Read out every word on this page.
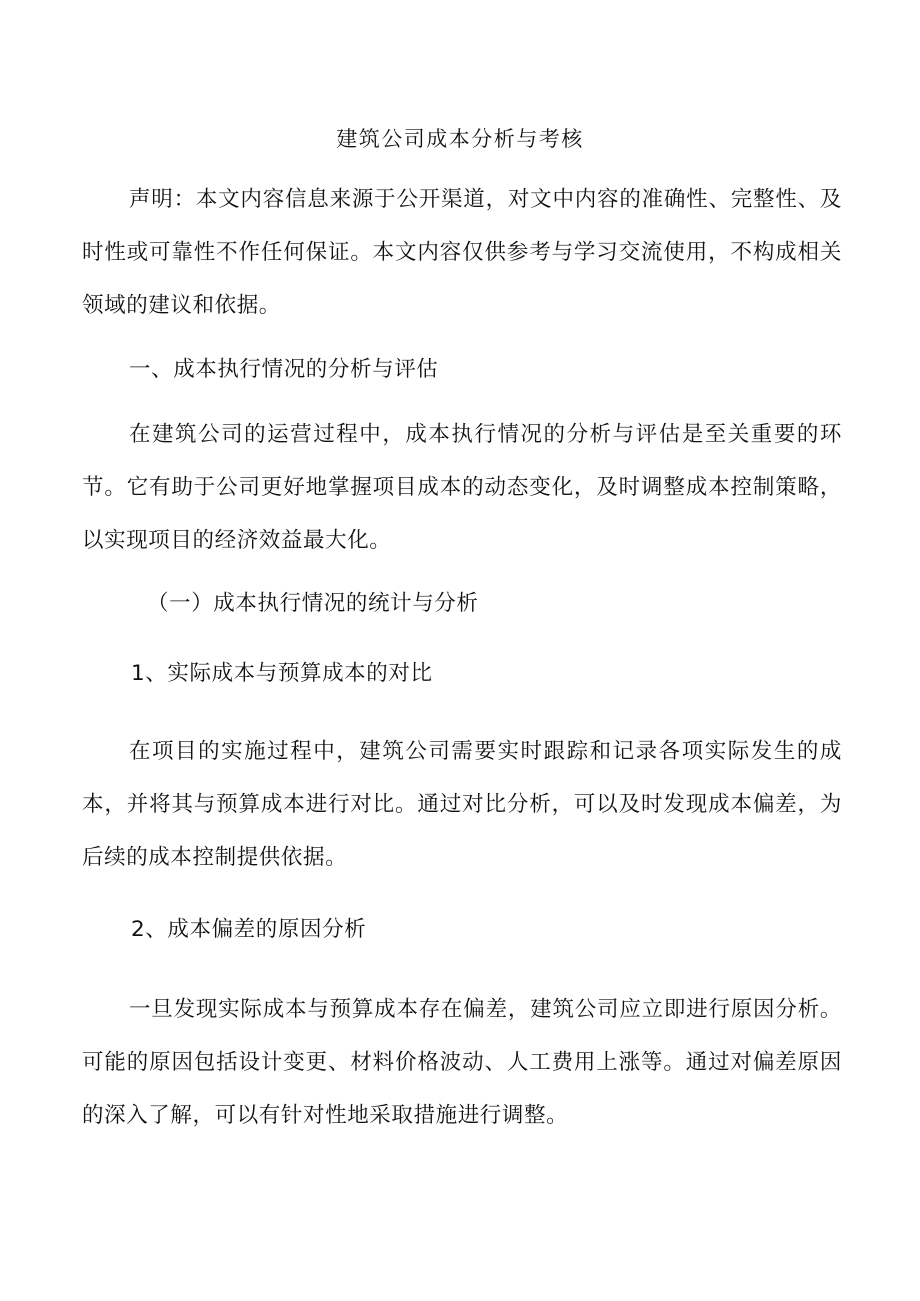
建筑公司成本分析与考核

声明：本文内容信息来源于公开渠道，对文中内容的准确性、完整性、及时性或可靠性不作任何保证。本文内容仅供参考与学习交流使用，不构成相关领域的建议和依据。

一、成本执行情况的分析与评估

在建筑公司的运营过程中，成本执行情况的分析与评估是至关重要的环节。它有助于公司更好地掌握项目成本的动态变化，及时调整成本控制策略，以实现项目的经济效益最大化。

（一）成本执行情况的统计与分析
1、实际成本与预算成本的对比

在项目的实施过程中，建筑公司需要实时跟踪和记录各项实际发生的成本，并将其与预算成本进行对比。通过对比分析，可以及时发现成本偏差，为后续的成本控制提供依据。

2、成本偏差的原因分析

一旦发现实际成本与预算成本存在偏差，建筑公司应立即进行原因分析。可能的原因包括设计变更、材料价格波动、人工费用上涨等。通过对偏差原因的深入了解，可以有针对性地采取措施进行调整。
